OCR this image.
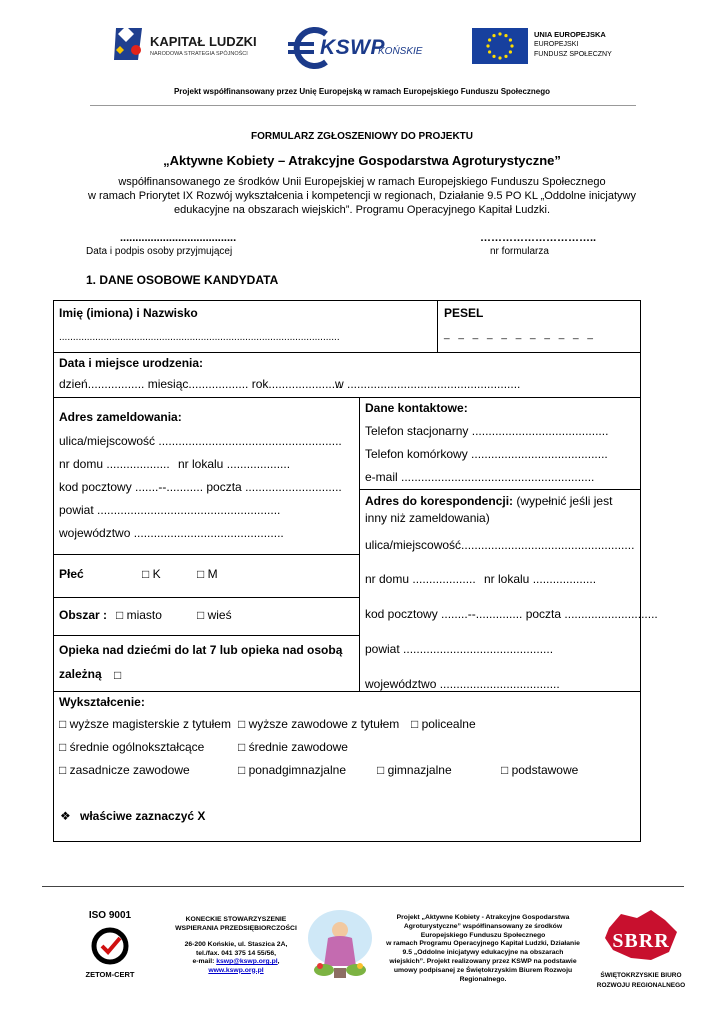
KAPITAŁ LUDZKI
NARODOWA STRATEGIA SPÓJNOŚCI	KSWP
KOŃSKIE
UNIA EUROPEJSKA
EUROPEJSKI
FUNDUSZ SPOŁECZNY
Projekt współfinansowany przez Unię Europejską w ramach Europejskiego Funduszu Społecznego
FORMULARZ ZGŁOSZENIOWY DO PROJEKTU
„Aktywne Kobiety – Atrakcyjne Gospodarstwa Agroturystyczne”
współfinansowanego ze środków Unii Europejskiej w ramach Europejskiego Funduszu Społecznego
w ramach Priorytet IX Rozwój wykształcenia i kompetencji w regionach, Działanie 9.5 PO KL „Oddolne inicjatywy
edukacyjne na obszarach wiejskich”. Programu Operacyjnego Kapitał Ludzki.
......................................
Data i podpis osoby przyjmującej
…………………………..
nr formularza
1. DANE OSOBOWE KANDYDATA
Imię (imiona) i Nazwisko
.....................................................................................................
PESEL
_ _ _ _ _ _ _ _ _ _ _
Data i miejsce urodzenia:
dzień................. miesiąc.................. rok......................
w ....................................................
Adres zameldowania:
ulica/miejscowość .......................................................
nr domu ................... nr lokalu ...................
kod pocztowy .......--........... poczta .............................
powiat .......................................................
województwo .............................................
Dane kontaktowe:
Telefon stacjonarny .........................................
Telefon komórkowy .........................................
e-mail ..........................................................
Adres do korespondencji: (wypełnić jeśli jest inny niż zameldowania)
ulica/miejscowość....................................................
nr domu ................... nr lokalu ...................
kod pocztowy ........--.............. poczta ............................
powiat .............................................
województwo ....................................
Płeć	□ K	□ M
Obszar : □ miasto	□ wieś
Opieka nad dziećmi do lat 7 lub opieka nad osobą
zależną □
Wykształcenie:
□ wyższe magisterskie z tytułem □ wyższe zawodowe z tytułem □ policealne
□ średnie ogólnokształcące	□ średnie zawodowe
□ zasadnicze zawodowe	□ ponadgimnazjalne	□ gimnazjalne	□ podstawowe
❖ właściwe zaznaczyć X
ISO 9001
ZETOM-CERT
KONECKIE STOWARZYSZENIE
WSPIERANIA PRZEDSIĘBIORCZOŚCI
26-200 Końskie, ul. Staszica 2A,
tel./fax. 041 375 14 55/56,
e-mail: kswp@kswp.org.pl,
www.kswp.org.pl
Projekt „Aktywne Kobiety - Atrakcyjne Gospodarstwa
Agroturystyczne” współfinansowany ze środków
Europejskiego Funduszu Społecznego
w ramach Programu Operacyjnego Kapitał Ludzki, Działanie
9.5 „Oddolne inicjatywy edukacyjne na obszarach
wiejskich”. Projekt realizowany przez KSWP na podstawie
umowy podpisanej ze Świętokrzyskim Biurem Rozwoju
Regionalnego.
SBRR
ŚWIĘTOKRZYSKIE BIURO
ROZWOJU REGIONALNEGO
